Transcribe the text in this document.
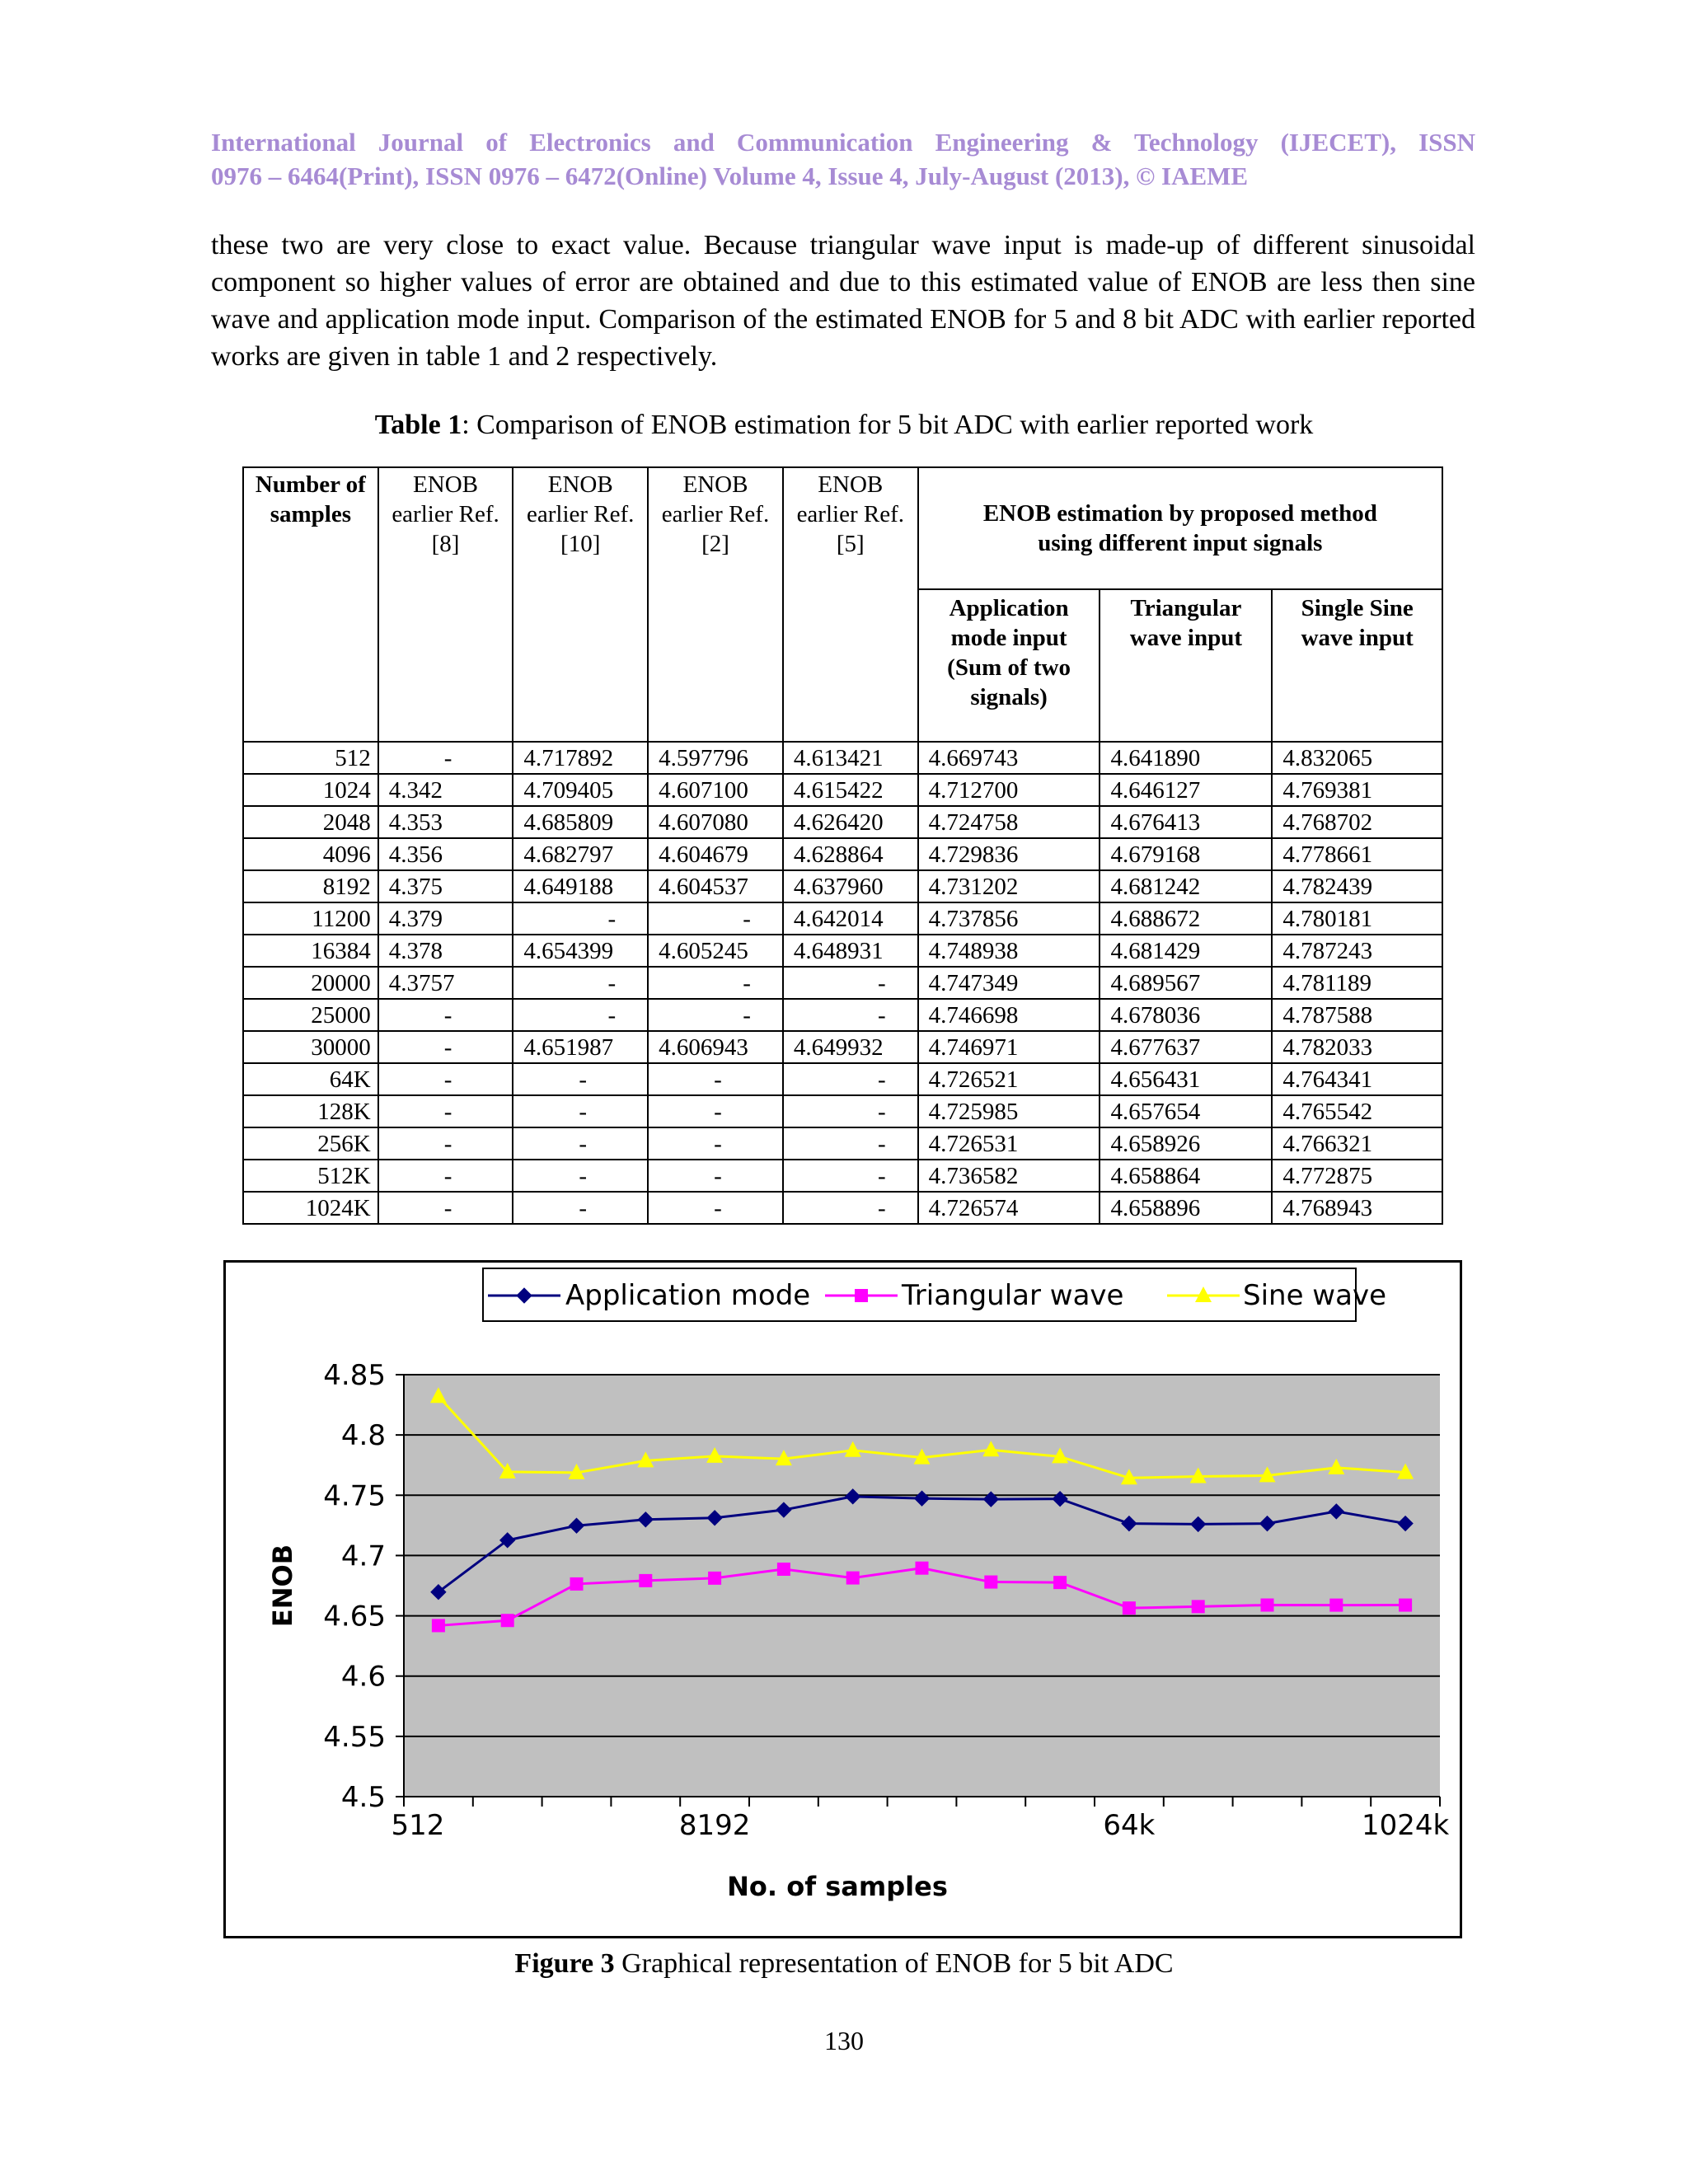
International Journal of Electronics and Communication Engineering & Technology (IJECET), ISSN
0976 – 6464(Print), ISSN 0976 – 6472(Online) Volume 4, Issue 4, July-August (2013), © IAEME
these two are very close to exact value. Because triangular wave input is made-up of different sinusoidal component so higher values of error are obtained and due to this estimated value of ENOB are less then sine wave and application mode input. Comparison of the estimated ENOB for 5 and 8 bit ADC with earlier reported works are given in table 1 and 2 respectively.
Table 1: Comparison of ENOB estimation for 5 bit ADC with earlier reported work
Number of samples	ENOB earlier Ref. [8]	ENOB earlier Ref. [10]	ENOB earlier Ref. [2]	ENOB earlier Ref. [5]	ENOB estimation by proposed method using different input signals		
					Application mode input (Sum of two signals)	Triangular wave input	Single Sine wave input
512	-	4.717892	4.597796	4.613421	4.669743	4.641890	4.832065
1024	4.342	4.709405	4.607100	4.615422	4.712700	4.646127	4.769381
2048	4.353	4.685809	4.607080	4.626420	4.724758	4.676413	4.768702
4096	4.356	4.682797	4.604679	4.628864	4.729836	4.679168	4.778661
8192	4.375	4.649188	4.604537	4.637960	4.731202	4.681242	4.782439
11200	4.379	-	-	4.642014	4.737856	4.688672	4.780181
16384	4.378	4.654399	4.605245	4.648931	4.748938	4.681429	4.787243
20000	4.3757	-	-	-	4.747349	4.689567	4.781189
25000	-	-	-	-	4.746698	4.678036	4.787588
30000	-	4.651987	4.606943	4.649932	4.746971	4.677637	4.782033
64K	-	-	-	-	4.726521	4.656431	4.764341
128K	-	-	-	-	4.725985	4.657654	4.765542
256K	-	-	-	-	4.726531	4.658926	4.766321
512K	-	-	-	-	4.736582	4.658864	4.772875
1024K	-	-	-	-	4.726574	4.658896	4.768943
Application mode	Triangular wave	Sine wave
4.85
4.8
4.75
4.7
4.65
4.6
4.55
4.5
512	8192	64k	1024k
No. of samples
ENOB
Figure 3 Graphical representation of ENOB for 5 bit ADC
130
